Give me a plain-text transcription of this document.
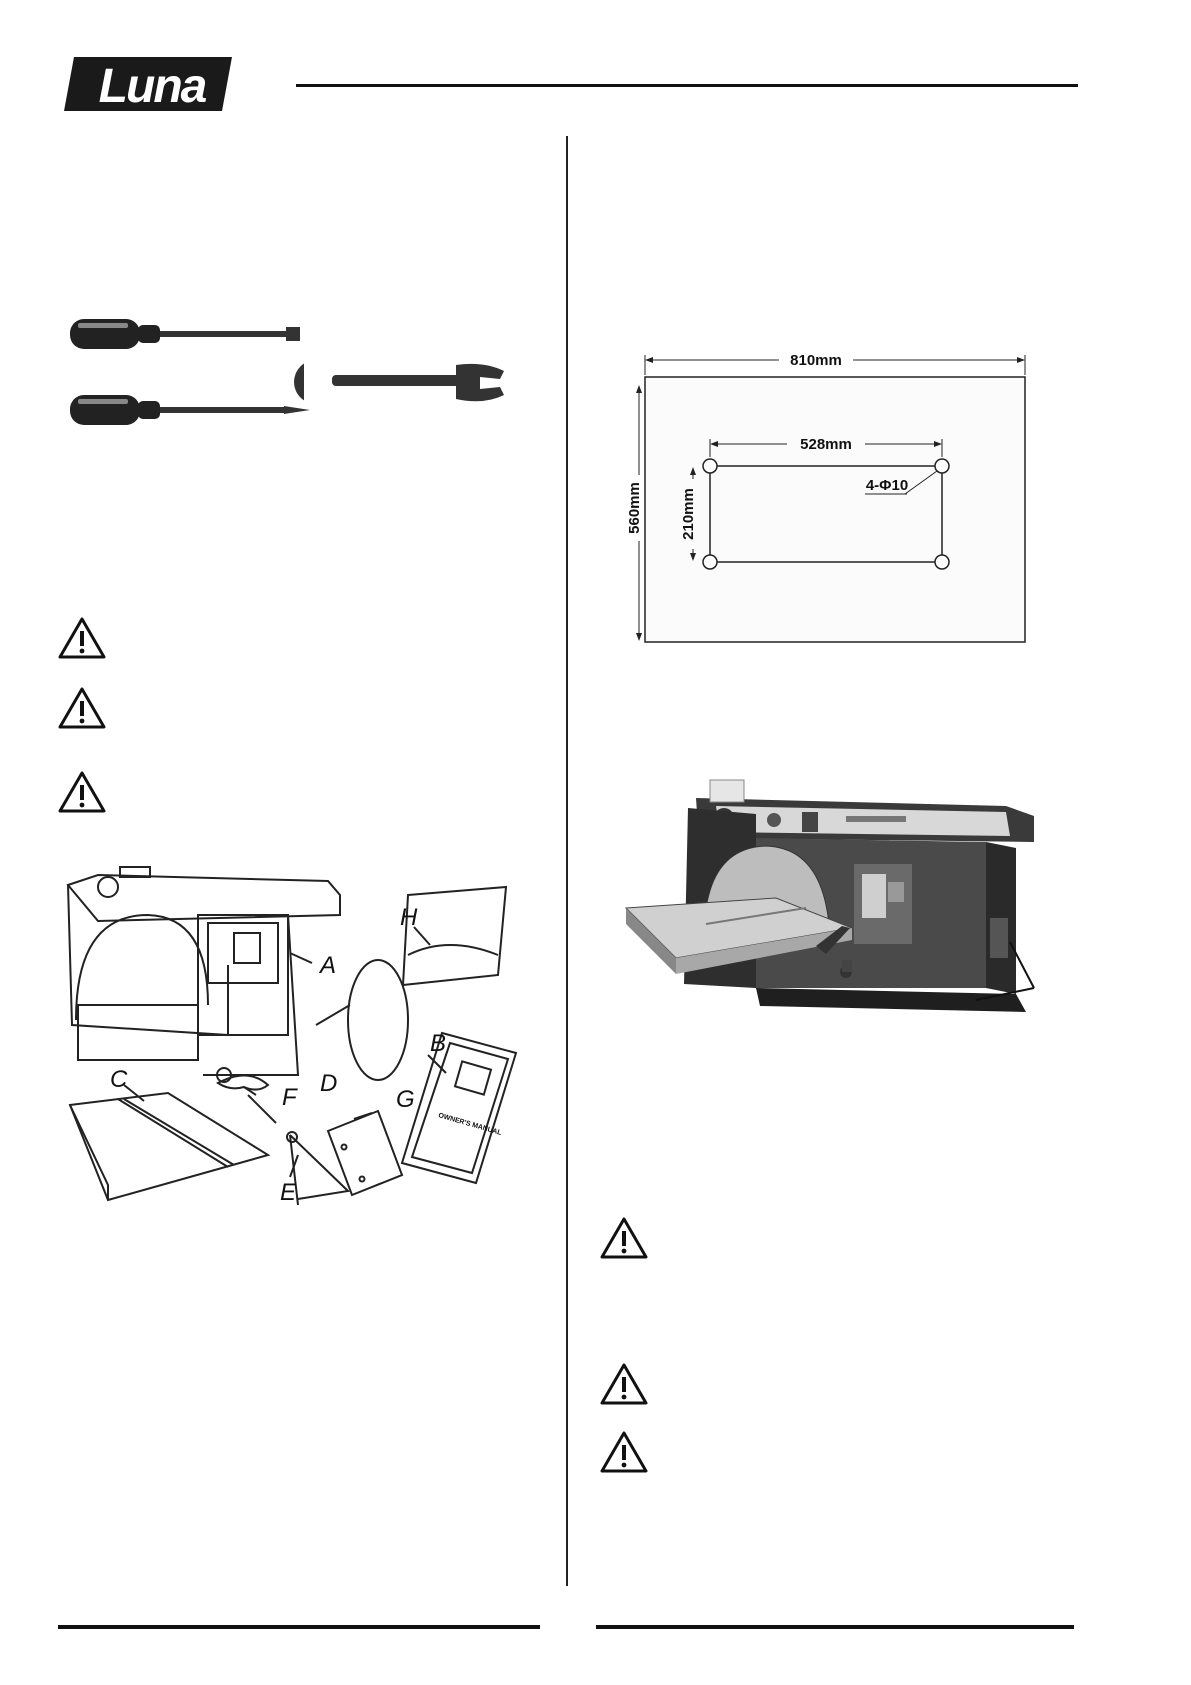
Luna
A
B
C	D
E
F	G
H
OWNER'S MANUAL
810mm
560mm
528mm
210mm
4-Φ10
